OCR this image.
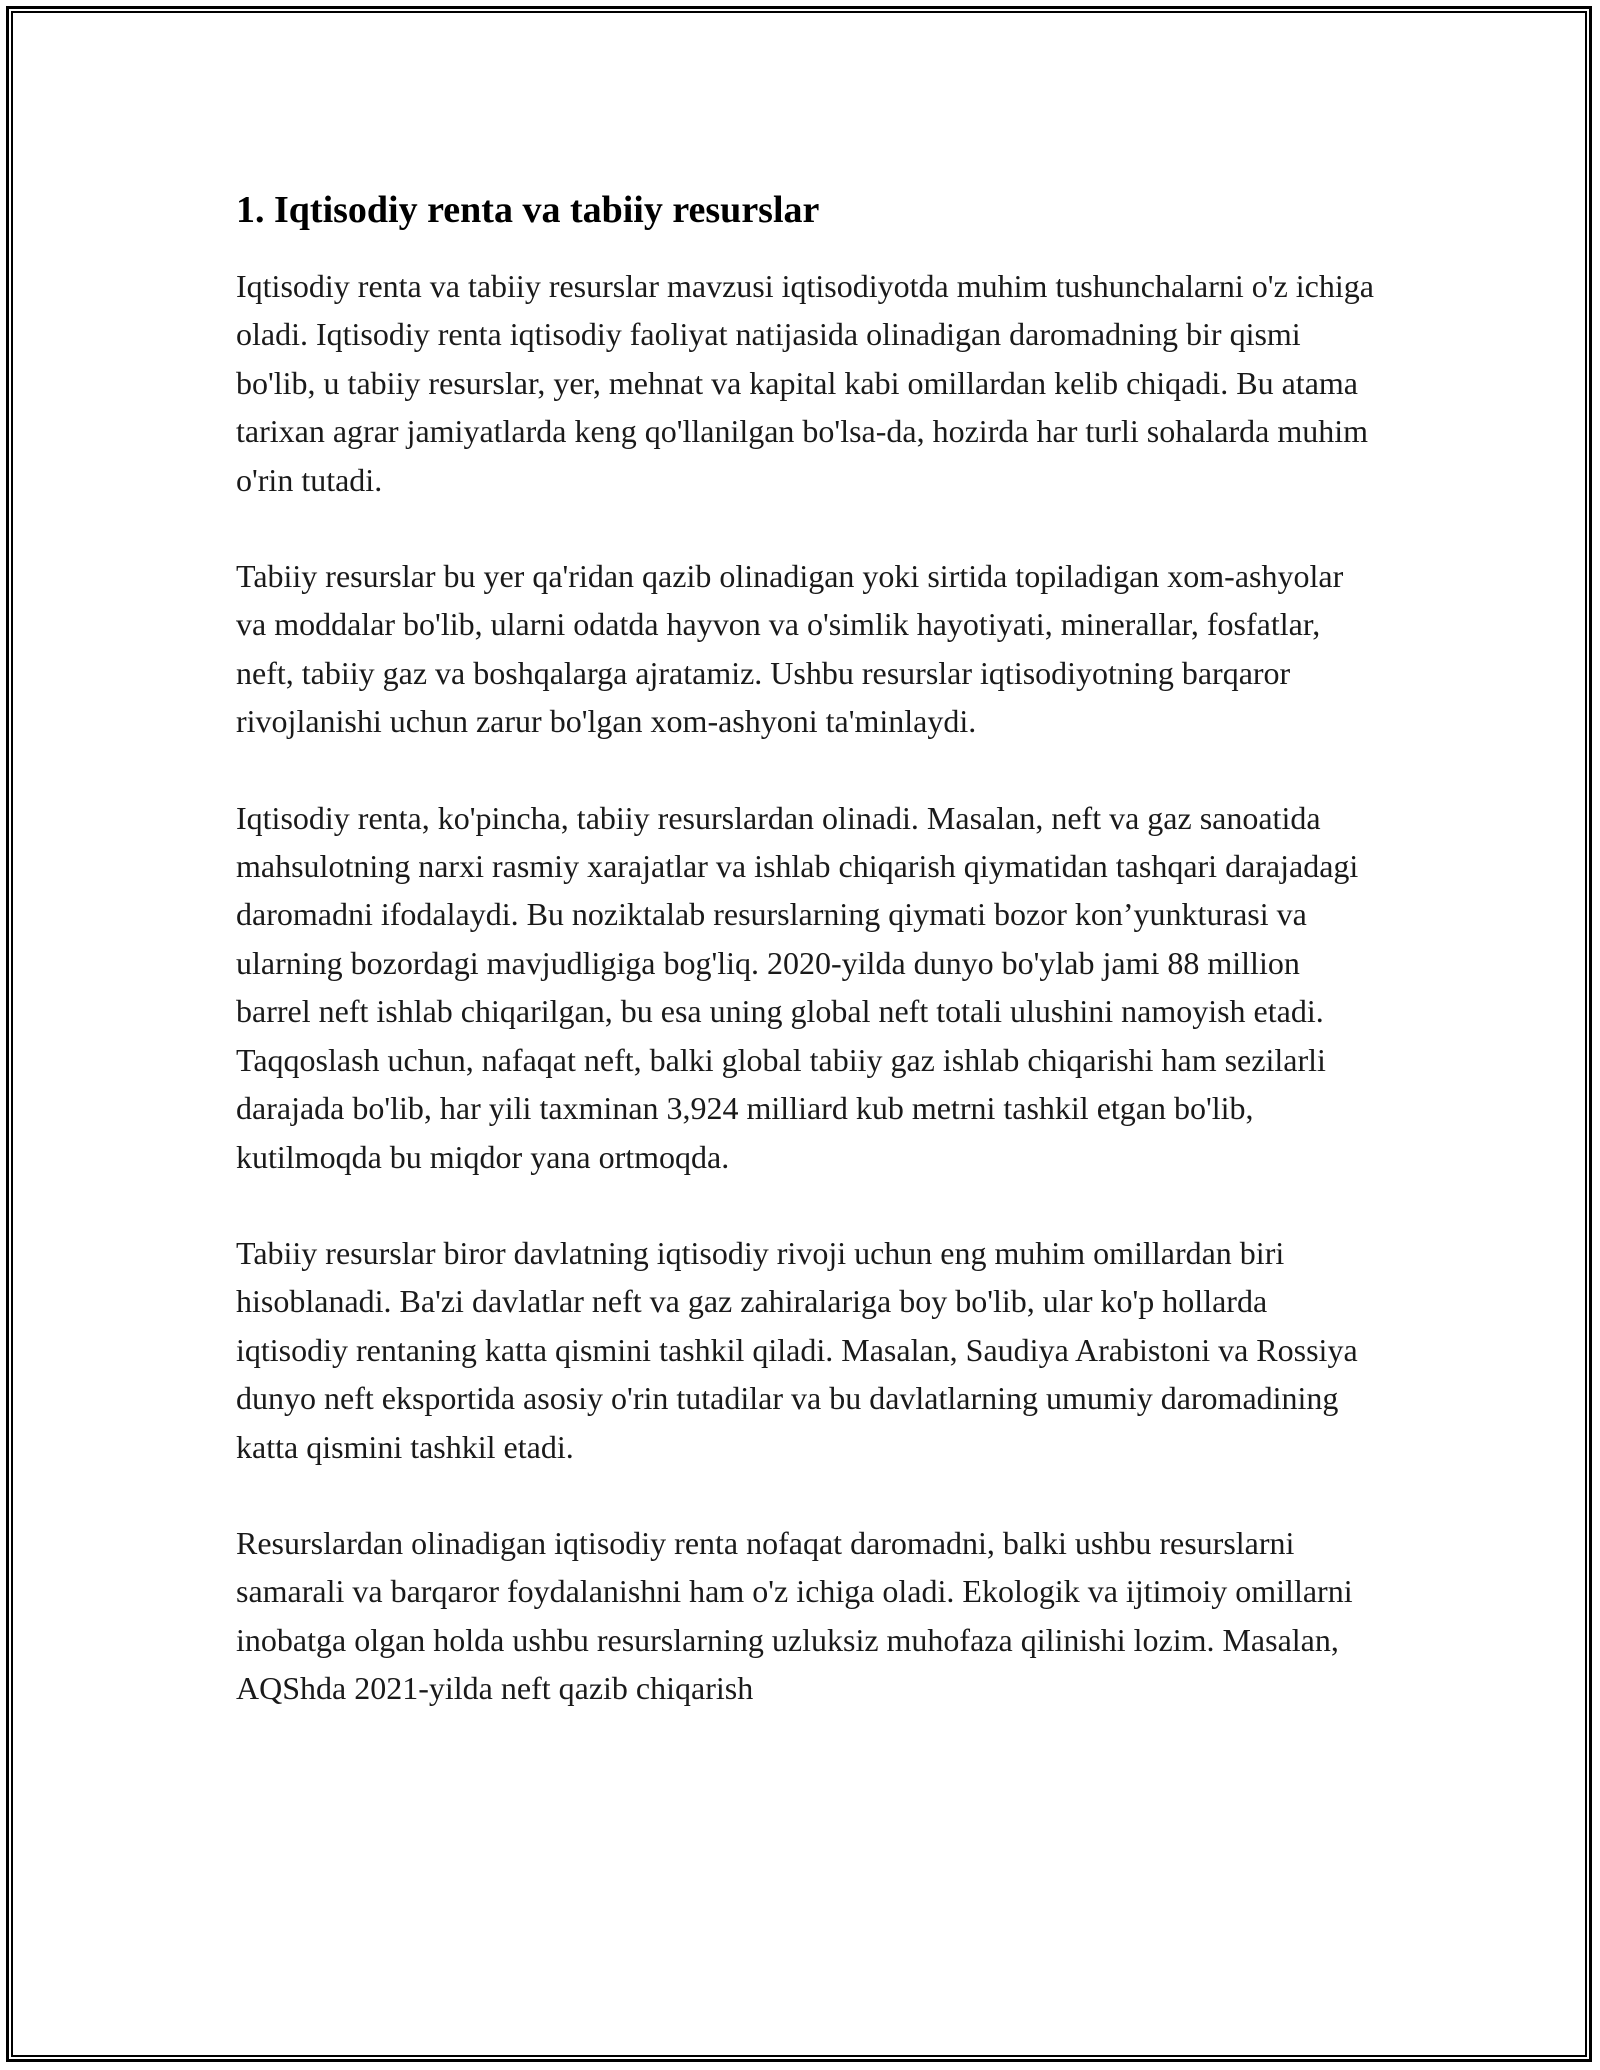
1. Iqtisodiy renta va tabiiy resurslar

Iqtisodiy renta va tabiiy resurslar mavzusi iqtisodiyotda muhim tushunchalarni o'z ichiga oladi. Iqtisodiy renta iqtisodiy faoliyat natijasida olinadigan daromadning bir qismi bo'lib, u tabiiy resurslar, yer, mehnat va kapital kabi omillardan kelib chiqadi. Bu atama tarixan agrar jamiyatlarda keng qo'llanilgan bo'lsa-da, hozirda har turli sohalarda muhim o'rin tutadi.

Tabiiy resurslar bu yer qa'ridan qazib olinadigan yoki sirtida topiladigan xom-ashyolar va moddalar bo'lib, ularni odatda hayvon va o'simlik hayotiyati, minerallar, fosfatlar, neft, tabiiy gaz va boshqalarga ajratamiz. Ushbu resurslar iqtisodiyotning barqaror rivojlanishi uchun zarur bo'lgan xom-ashyoni ta'minlaydi.

Iqtisodiy renta, ko'pincha, tabiiy resurslardan olinadi. Masalan, neft va gaz sanoatida mahsulotning narxi rasmiy xarajatlar va ishlab chiqarish qiymatidan tashqari darajadagi daromadni ifodalaydi. Bu noziktalab resurslarning qiymati bozor kon’yunkturasi va ularning bozordagi mavjudligiga bog'liq. 2020-yilda dunyo bo'ylab jami 88 million barrel neft ishlab chiqarilgan, bu esa uning global neft totali ulushini namoyish etadi. Taqqoslash uchun, nafaqat neft, balki global tabiiy gaz ishlab chiqarishi ham sezilarli darajada bo'lib, har yili taxminan 3,924 milliard kub metrni tashkil etgan bo'lib, kutilmoqda bu miqdor yana ortmoqda.

Tabiiy resurslar biror davlatning iqtisodiy rivoji uchun eng muhim omillardan biri hisoblanadi. Ba'zi davlatlar neft va gaz zahiralariga boy bo'lib, ular ko'p hollarda iqtisodiy rentaning katta qismini tashkil qiladi. Masalan, Saudiya Arabistoni va Rossiya dunyo neft eksportida asosiy o'rin tutadilar va bu davlatlarning umumiy daromadining katta qismini tashkil etadi.

Resurslardan olinadigan iqtisodiy renta nofaqat daromadni, balki ushbu resurslarni samarali va barqaror foydalanishni ham o'z ichiga oladi. Ekologik va ijtimoiy omillarni inobatga olgan holda ushbu resurslarning uzluksiz muhofaza qilinishi lozim. Masalan, AQShda 2021-yilda neft qazib chiqarish
